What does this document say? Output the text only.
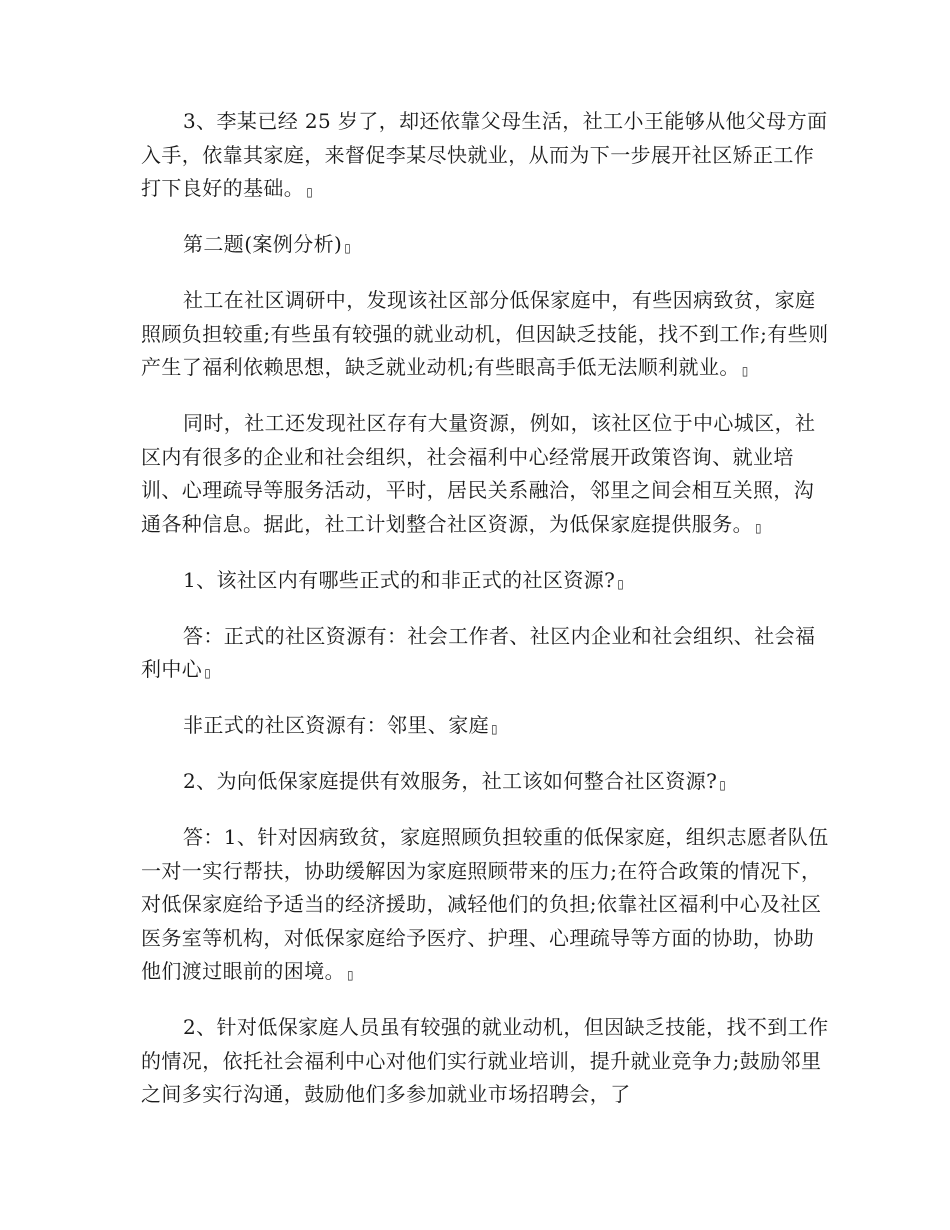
3、李某已经 25 岁了，却还依靠父母生活，社工小王能够从他父母方面入手，依靠其家庭，来督促李某尽快就业，从而为下一步展开社区矫正工作打下良好的基础。 ▯

第二题(案例分析) ▯

社工在社区调研中，发现该社区部分低保家庭中，有些因病致贫，家庭照顾负担较重;有些虽有较强的就业动机，但因缺乏技能，找不到工作;有些则产生了福利依赖思想，缺乏就业动机;有些眼高手低无法顺利就业。 ▯

同时，社工还发现社区存有大量资源，例如，该社区位于中心城区，社区内有很多的企业和社会组织，社会福利中心经常展开政策咨询、就业培训、心理疏导等服务活动，平时，居民关系融洽，邻里之间会相互关照，沟通各种信息。据此，社工计划整合社区资源，为低保家庭提供服务。 ▯

1、该社区内有哪些正式的和非正式的社区资源? ▯

答：正式的社区资源有：社会工作者、社区内企业和社会组织、社会福利中心 ▯

非正式的社区资源有：邻里、家庭 ▯

2、为向低保家庭提供有效服务，社工该如何整合社区资源? ▯

答：1、针对因病致贫，家庭照顾负担较重的低保家庭，组织志愿者队伍一对一实行帮扶，协助缓解因为家庭照顾带来的压力;在符合政策的情况下，对低保家庭给予适当的经济援助，减轻他们的负担;依靠社区福利中心及社区医务室等机构，对低保家庭给予医疗、护理、心理疏导等方面的协助，协助他们渡过眼前的困境。 ▯

2、针对低保家庭人员虽有较强的就业动机，但因缺乏技能，找不到工作的情况，依托社会福利中心对他们实行就业培训，提升就业竞争力;鼓励邻里之间多实行沟通，鼓励他们多参加就业市场招聘会，了
